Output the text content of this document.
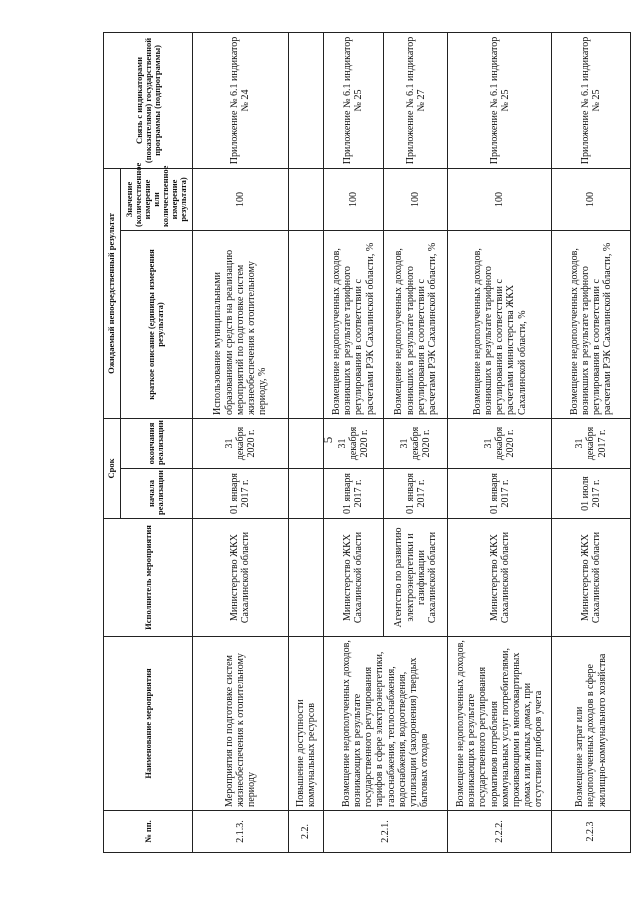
5
№ пп.	Наименование мероприятия	Исполнитель мероприятия	Срок		Ожидаемый непосредственный результат		Связь с индикаторами (показателями) государственной программы (подпрограммы)
			начала реализации	окончания реализации	краткое описание (единицы измерения результата)	Значение (количественное измерение или количественное измерение результата)	
2.1.3.	Мероприятия по подготовке систем жизнеобеспечения к отопительному периоду	Министерство ЖКХ Сахалинской области	01 января 2017 г.	31 декабря 2020 г.	Использование муниципальными образованиями средств на реализацию мероприятий по подготовке систем жизнеобеспечения к отопительному периоду, %	100	Приложение № 6.1 индикатор № 24
2.2.	Повышение доступности коммунальных ресурсов						
2.2.1.	Возмещение недополученных доходов, возникающих в результате государственного регулирования тарифов в сфере электроэнергетики, газоснабжения, теплоснабжения, водоснабжения, водоотведения, утилизации (захоронения) твердых бытовых отходов	Министерство ЖКХ Сахалинской области	01 января 2017 г.	31 декабря 2020 г.	Возмещение недополученных доходов, возникших в результате тарифного регулирования в соответствии с расчетами РЭК Сахалинской области, %	100	Приложение № 6.1 индикатор № 25
		Агентство по развитию электроэнергетики и газификации Сахалинской области	01 января 2017 г.	31 декабря 2020 г.	Возмещение недополученных доходов, возникших в результате тарифного регулирования в соответствии с расчетами РЭК Сахалинской области, %	100	Приложение № 6.1 индикатор № 27
2.2.2.	Возмещение недополученных доходов, возникающих в результате государственного регулирования нормативов потребления коммунальных услуг потребителями, проживающими в многоквартирных домах или жилых домах, при отсутствии приборов учета	Министерство ЖКХ Сахалинской области	01 января 2017 г.	31 декабря 2020 г.	Возмещение недополученных доходов, возникших в результате тарифного регулирования в соответствии с расчетами министерства ЖКХ Сахалинской области, %	100	Приложение № 6.1 индикатор № 25
2.2.3	Возмещение затрат или недополученных доходов в сфере жилищно-коммунального хозяйства	Министерство ЖКХ Сахалинской области	01 июля 2017 г.	31 декабря 2017 г.	Возмещение недополученных доходов, возникших в результате тарифного регулирования в соответствии с расчетами РЭК Сахалинской области, %	100	Приложение № 6.1 индикатор № 25
